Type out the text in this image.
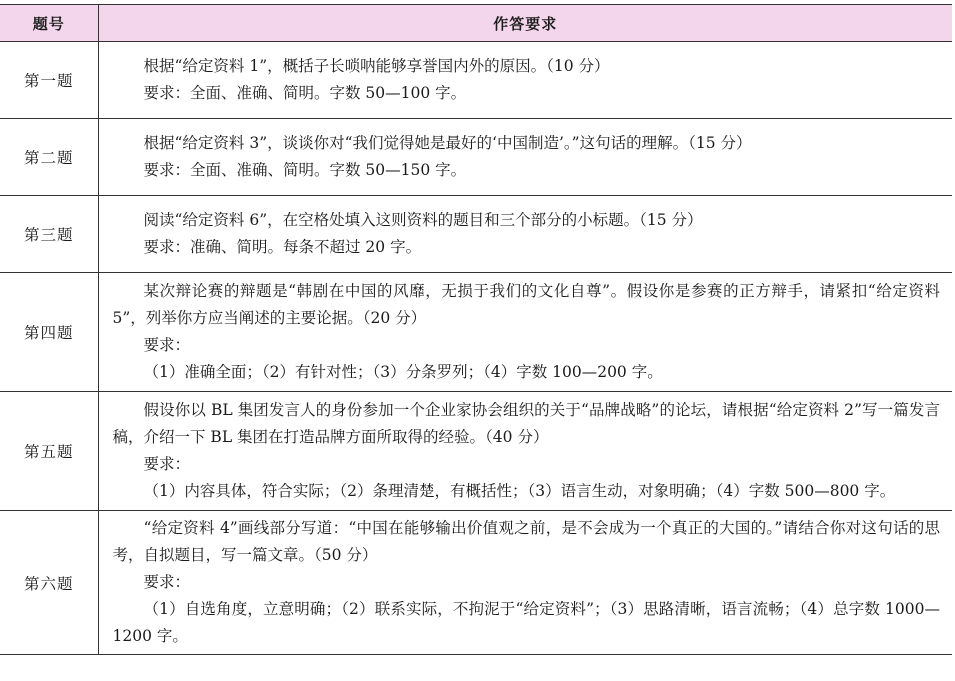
题号	作答要求
第一题	根据“给定资料 1”，概括子长唢呐能够享誉国内外的原因。（10 分）
要求：全面、准确、简明。字数 50—100 字。

第二题	根据“给定资料 3”，谈谈你对“我们觉得她是最好的‘中国制造’。”这句话的理解。（15 分）
要求：全面、准确、简明。字数 50—150 字。

第三题	阅读“给定资料 6”，在空格处填入这则资料的题目和三个部分的小标题。（15 分）
要求：准确、简明。每条不超过 20 字。

第四题	某次辩论赛的辩题是“韩剧在中国的风靡，无损于我们的文化自尊”。假设你是参赛的正方辩手，请紧扣“给定资料 5”，列举你方应当阐述的主要论据。（20 分）
要求：
（1）准确全面；（2）有针对性；（3）分条罗列；（4）字数 100—200 字。

第五题	假设你以 BL 集团发言人的身份参加一个企业家协会组织的关于“品牌战略”的论坛，请根据“给定资料 2”写一篇发言稿，介绍一下 BL 集团在打造品牌方面所取得的经验。（40 分）
要求：
（1）内容具体，符合实际；（2）条理清楚，有概括性；（3）语言生动，对象明确；（4）字数 500—800 字。

第六题	“给定资料 4”画线部分写道：“中国在能够输出价值观之前，是不会成为一个真正的大国的。”请结合你对这句话的思考，自拟题目，写一篇文章。（50 分）
要求：
（1）自选角度，立意明确；（2）联系实际，不拘泥于“给定资料”；（3）思路清晰，语言流畅；（4）总字数 1000—1200 字。
